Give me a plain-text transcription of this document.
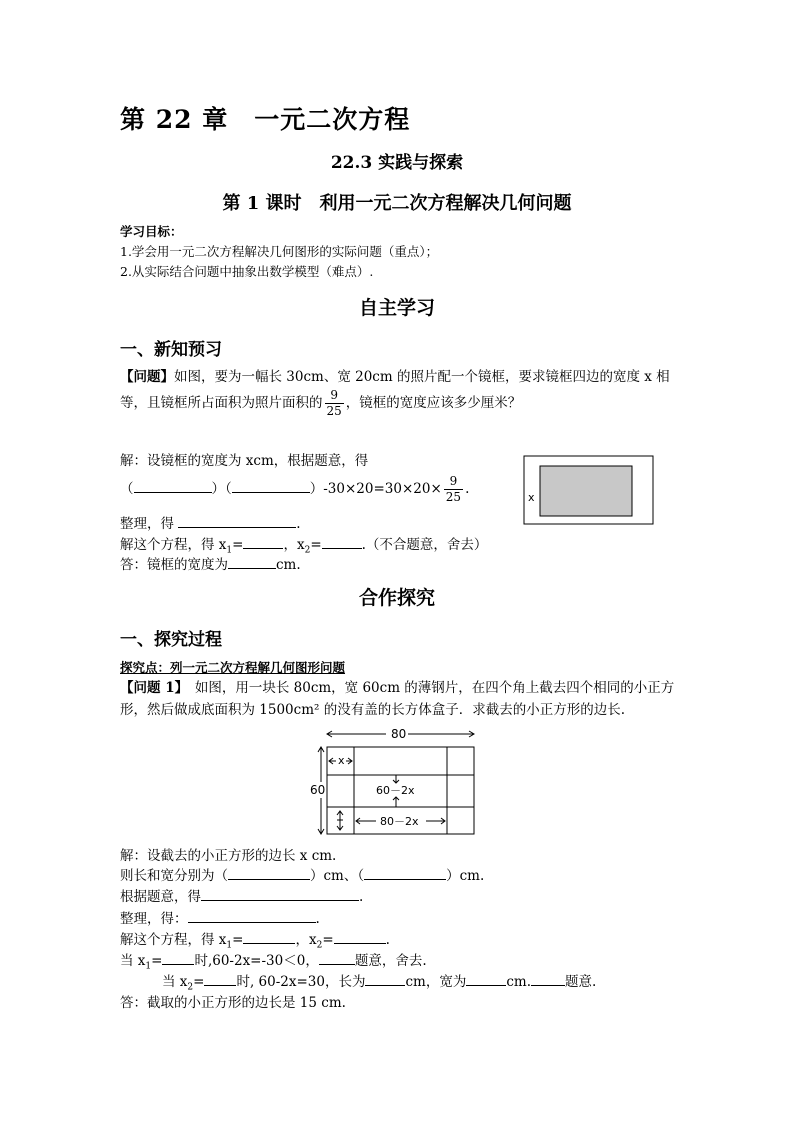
第 22 章　一元二次方程
22.3 实践与探索
第 1 课时　利用一元二次方程解决几何问题
学习目标：
1.学会用一元二次方程解决几何图形的实际问题（重点）；
2.从实际结合问题中抽象出数学模型（难点）.
自主学习
一、新知预习
【问题】如图，要为一幅长 30cm、宽 20cm 的照片配一个镜框，要求镜框四边的宽度 x 相
等，且镜框所占面积为照片面积的 $\frac{9}{25}$ ，镜框的宽度应该多少厘米？
解：设镜框的宽度为 xcm，根据题意，得
（	）（	）$-30\times 20=30\times 20\times \frac{9}{25}$ .
整理，得	.
解这个方程，得 $x_1=$	，$x_2=$	.（不合题意，舍去）
答：镜框的宽度为	cm.
x
合作探究
一、探究过程
探究点：列一元二次方程解几何图形问题
【问题 1】　如图，用一块长 80cm，宽 60cm 的薄钢片，在四个角上截去四个相同的小正方
形，然后做成底面积为 1500cm² 的没有盖的长方体盒子．求截去的小正方形的边长.
80
60
x
60－2x
80－2x
解：设截去的小正方形的边长 x cm.
则长和宽分别为（	）cm、（	）cm.
根据题意，得	.
整理，得：	.
解这个方程，得 $x_1=$	，$x_2=$	.
当 $x_1=$ 时,60-2x=-30＜0，	题意，舍去.
当 $x_2=$ 时, 60-2x=30，长为	cm，宽为	cm.	题意.
答：截取的小正方形的边长是 15 cm.
